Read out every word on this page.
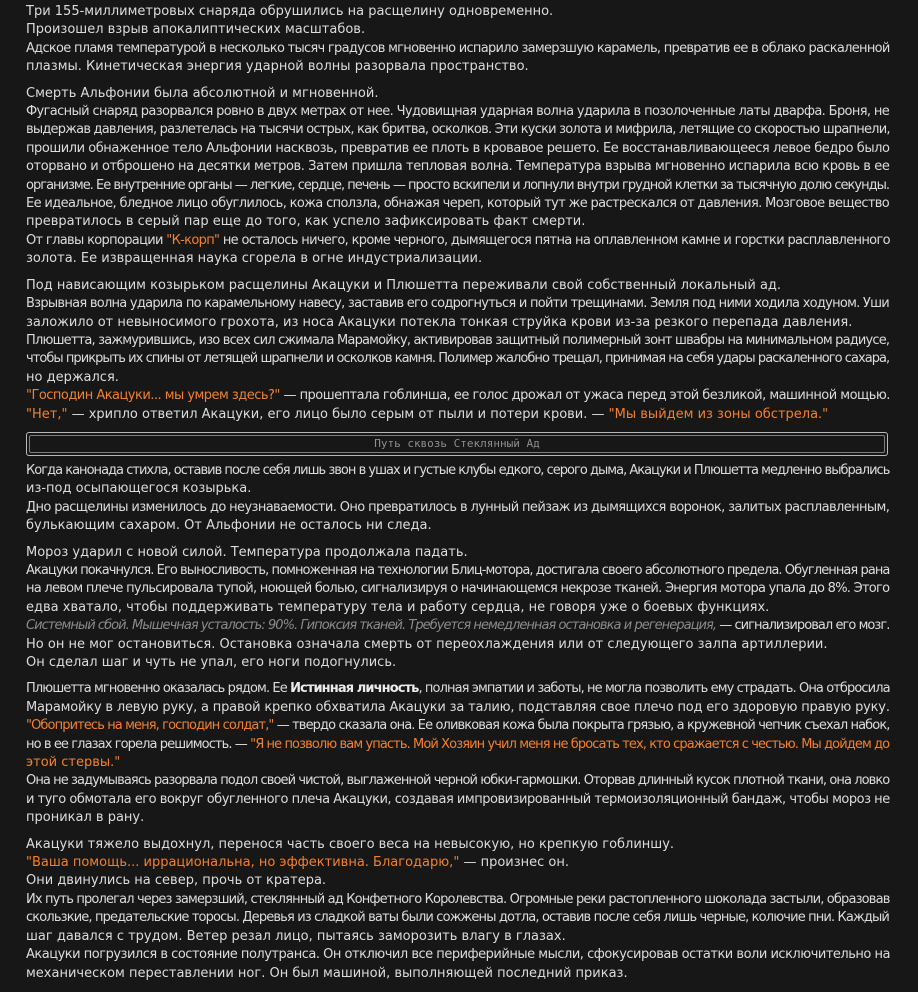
Три 155-миллиметровых снаряда обрушились на расщелину одновременно.
Произошел взрыв апокалиптических масштабов.
Адское пламя температурой в несколько тысяч градусов мгновенно испарило замерзшую карамель, превратив ее в облако раскаленной
плазмы. Кинетическая энергия ударной волны разорвала пространство.
Смерть Альфонии была абсолютной и мгновенной.
Фугасный снаряд разорвался ровно в двух метрах от нее. Чудовищная ударная волна ударила в позолоченные латы дварфа. Броня, не
выдержав давления, разлетелась на тысячи острых, как бритва, осколков. Эти куски золота и мифрила, летящие со скоростью шрапнели,
прошили обнаженное тело Альфонии насквозь, превратив ее плоть в кровавое решето. Ее восстанавливающееся левое бедро было
оторвано и отброшено на десятки метров. Затем пришла тепловая волна. Температура взрыва мгновенно испарила всю кровь в ее
организме. Ее внутренние органы — легкие, сердце, печень — просто вскипели и лопнули внутри грудной клетки за тысячную долю секунды.
Ее идеальное, бледное лицо обуглилось, кожа сползла, обнажая череп, который тут же растрескался от давления. Мозговое вещество
превратилось в серый пар еще до того, как успело зафиксировать факт смерти.
От главы корпорации "К-корп" не осталось ничего, кроме черного, дымящегося пятна на оплавленном камне и горстки расплавленного
золота. Ее извращенная наука сгорела в огне индустриализации.
Под нависающим козырьком расщелины Акацуки и Плюшетта переживали свой собственный локальный ад.
Взрывная волна ударила по карамельному навесу, заставив его содрогнуться и пойти трещинами. Земля под ними ходила ходуном. Уши
заложило от невыносимого грохота, из носа Акацуки потекла тонкая струйка крови из-за резкого перепада давления.
Плюшетта, зажмурившись, изо всех сил сжимала Марамойку, активировав защитный полимерный зонт швабры на минимальном радиусе,
чтобы прикрыть их спины от летящей шрапнели и осколков камня. Полимер жалобно трещал, принимая на себя удары раскаленного сахара,
но держался.
"Господин Акацуки... мы умрем здесь?" — прошептала гоблинша, ее голос дрожал от ужаса перед этой безликой, машинной мощью.
"Нет," — хрипло ответил Акацуки, его лицо было серым от пыли и потери крови. — "Мы выйдем из зоны обстрела."
Путь сквозь Стеклянный Ад
Когда канонада стихла, оставив после себя лишь звон в ушах и густые клубы едкого, серого дыма, Акацуки и Плюшетта медленно выбрались
из-под осыпающегося козырька.
Дно расщелины изменилось до неузнаваемости. Оно превратилось в лунный пейзаж из дымящихся воронок, залитых расплавленным,
булькающим сахаром. От Альфонии не осталось ни следа.
Мороз ударил с новой силой. Температура продолжала падать.
Акацуки покачнулся. Его выносливость, помноженная на технологии Блиц-мотора, достигала своего абсолютного предела. Обугленная рана
на левом плече пульсировала тупой, ноющей болью, сигнализируя о начинающемся некрозе тканей. Энергия мотора упала до 8%. Этого
едва хватало, чтобы поддерживать температуру тела и работу сердца, не говоря уже о боевых функциях.
Системный сбой. Мышечная усталость: 90%. Гипоксия тканей. Требуется немедленная остановка и регенерация, — сигнализировал его мозг.
Но он не мог остановиться. Остановка означала смерть от переохлаждения или от следующего залпа артиллерии.
Он сделал шаг и чуть не упал, его ноги подогнулись.
Плюшетта мгновенно оказалась рядом. Ее Истинная личность, полная эмпатии и заботы, не могла позволить ему страдать. Она отбросила
Марамойку в левую руку, а правой крепко обхватила Акацуки за талию, подставляя свое плечо под его здоровую правую руку.
"Обопритесь на меня, господин солдат," — твердо сказала она. Ее оливковая кожа была покрыта грязью, а кружевной чепчик съехал набок,
но в ее глазах горела решимость. — "Я не позволю вам упасть. Мой Хозяин учил меня не бросать тех, кто сражается с честью. Мы дойдем до
этой стервы."
Она не задумываясь разорвала подол своей чистой, выглаженной черной юбки-гармошки. Оторвав длинный кусок плотной ткани, она ловко
и туго обмотала его вокруг обугленного плеча Акацуки, создавая импровизированный термоизоляционный бандаж, чтобы мороз не
проникал в рану.
Акацуки тяжело выдохнул, перенося часть своего веса на невысокую, но крепкую гоблиншу.
"Ваша помощь... иррациональна, но эффективна. Благодарю," — произнес он.
Они двинулись на север, прочь от кратера.
Их путь пролегал через замерзший, стеклянный ад Конфетного Королевства. Огромные реки растопленного шоколада застыли, образовав
скользкие, предательские торосы. Деревья из сладкой ваты были сожжены дотла, оставив после себя лишь черные, колючие пни. Каждый
шаг давался с трудом. Ветер резал лицо, пытаясь заморозить влагу в глазах.
Акацуки погрузился в состояние полутранса. Он отключил все периферийные мысли, сфокусировав остатки воли исключительно на
механическом переставлении ног. Он был машиной, выполняющей последний приказ.
